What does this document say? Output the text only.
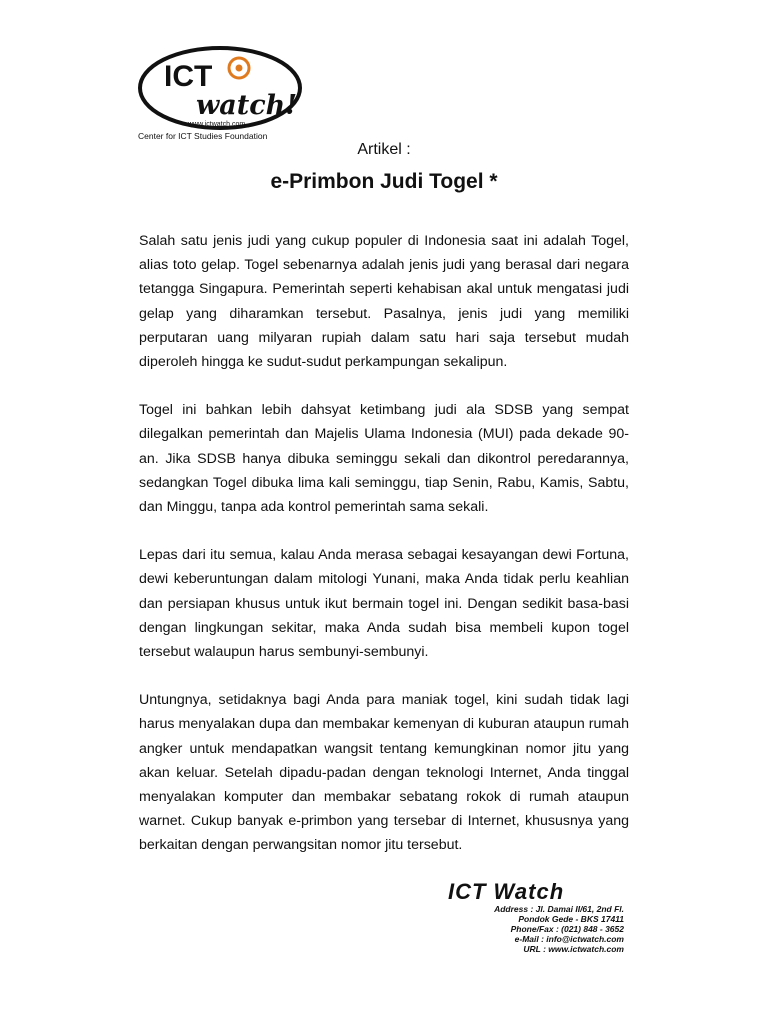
ICT
watch!
www.ictwatch.com
Center for ICT Studies Foundation
Artikel :
e-Primbon Judi Togel *

Salah satu jenis judi yang cukup populer di Indonesia saat ini adalah Togel, alias toto gelap. Togel sebenarnya adalah jenis judi yang berasal dari negara tetangga Singapura. Pemerintah seperti kehabisan akal untuk mengatasi judi gelap yang diharamkan tersebut. Pasalnya, jenis judi yang memiliki perputaran uang milyaran rupiah dalam satu hari saja tersebut mudah diperoleh hingga ke sudut-sudut perkampungan sekalipun.

Togel ini bahkan lebih dahsyat ketimbang judi ala SDSB yang sempat dilegalkan pemerintah dan Majelis Ulama Indonesia (MUI) pada dekade 90-an. Jika SDSB hanya dibuka seminggu sekali dan dikontrol peredarannya, sedangkan Togel dibuka lima kali seminggu, tiap Senin, Rabu, Kamis, Sabtu, dan Minggu, tanpa ada kontrol pemerintah sama sekali.

Lepas dari itu semua, kalau Anda merasa sebagai kesayangan dewi Fortuna, dewi keberuntungan dalam mitologi Yunani, maka Anda tidak perlu keahlian dan persiapan khusus untuk ikut bermain togel ini. Dengan sedikit basa-basi dengan lingkungan sekitar, maka Anda sudah bisa membeli kupon togel tersebut walaupun harus sembunyi-sembunyi.

Untungnya, setidaknya bagi Anda para maniak togel, kini sudah tidak lagi harus menyalakan dupa dan membakar kemenyan di kuburan ataupun rumah angker untuk mendapatkan wangsit tentang kemungkinan nomor jitu yang akan keluar. Setelah dipadu-padan dengan teknologi Internet, Anda tinggal menyalakan komputer dan membakar sebatang rokok di rumah ataupun warnet. Cukup banyak e-primbon yang tersebar di Internet, khususnya yang berkaitan dengan perwangsitan nomor jitu tersebut.

ICT Watch
Address : Jl. Damai II/61, 2nd Fl.
Pondok Gede - BKS 17411
Phone/Fax : (021) 848 - 3652
e-Mail : info@ictwatch.com
URL : www.ictwatch.com
